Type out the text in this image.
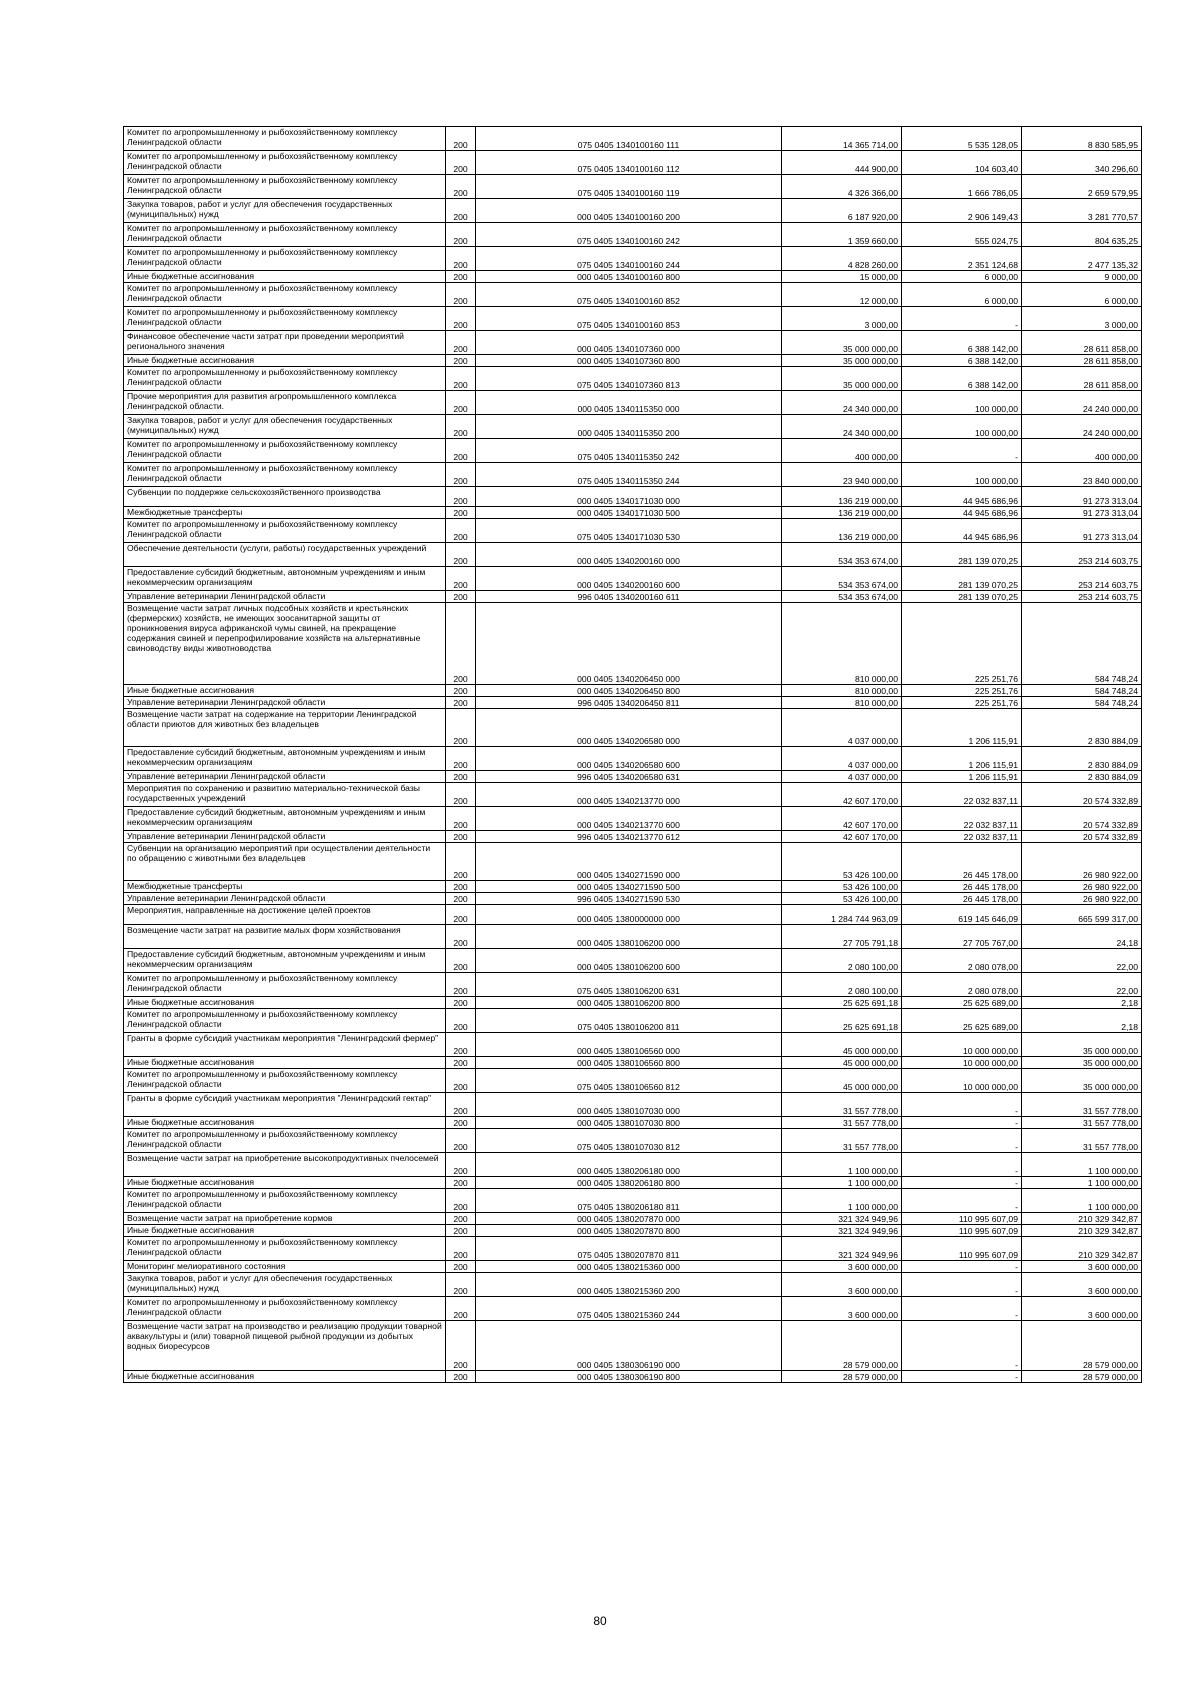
Комитет по агропромышленному и рыбохозяйственному комплексу Ленинградской области	200	075 0405 1340100160 111	14 365 714,00	5 535 128,05	8 830 585,95
Комитет по агропромышленному и рыбохозяйственному комплексу Ленинградской области	200	075 0405 1340100160 112	444 900,00	104 603,40	340 296,60
Комитет по агропромышленному и рыбохозяйственному комплексу Ленинградской области	200	075 0405 1340100160 119	4 326 366,00	1 666 786,05	2 659 579,95
Закупка товаров, работ и услуг для обеспечения государственных (муниципальных) нужд	200	000 0405 1340100160 200	6 187 920,00	2 906 149,43	3 281 770,57
Комитет по агропромышленному и рыбохозяйственному комплексу Ленинградской области	200	075 0405 1340100160 242	1 359 660,00	555 024,75	804 635,25
Комитет по агропромышленному и рыбохозяйственному комплексу Ленинградской области	200	075 0405 1340100160 244	4 828 260,00	2 351 124,68	2 477 135,32
Иные бюджетные ассигнования	200	000 0405 1340100160 800	15 000,00	6 000,00	9 000,00
Комитет по агропромышленному и рыбохозяйственному комплексу Ленинградской области	200	075 0405 1340100160 852	12 000,00	6 000,00	6 000,00
Комитет по агропромышленному и рыбохозяйственному комплексу Ленинградской области	200	075 0405 1340100160 853	3 000,00	-	3 000,00
Финансовое обеспечение части затрат при проведении мероприятий регионального значения	200	000 0405 1340107360 000	35 000 000,00	6 388 142,00	28 611 858,00
Иные бюджетные ассигнования	200	000 0405 1340107360 800	35 000 000,00	6 388 142,00	28 611 858,00
Комитет по агропромышленному и рыбохозяйственному комплексу Ленинградской области	200	075 0405 1340107360 813	35 000 000,00	6 388 142,00	28 611 858,00
Прочие мероприятия для развития агропромышленного комплекса Ленинградской области.	200	000 0405 1340115350 000	24 340 000,00	100 000,00	24 240 000,00
Закупка товаров, работ и услуг для обеспечения государственных (муниципальных) нужд	200	000 0405 1340115350 200	24 340 000,00	100 000,00	24 240 000,00
Комитет по агропромышленному и рыбохозяйственному комплексу Ленинградской области	200	075 0405 1340115350 242	400 000,00	-	400 000,00
Комитет по агропромышленному и рыбохозяйственному комплексу Ленинградской области	200	075 0405 1340115350 244	23 940 000,00	100 000,00	23 840 000,00
Субвенции по поддержке сельскохозяйственного производства	200	000 0405 1340171030 000	136 219 000,00	44 945 686,96	91 273 313,04
Межбюджетные трансферты	200	000 0405 1340171030 500	136 219 000,00	44 945 686,96	91 273 313,04
Комитет по агропромышленному и рыбохозяйственному комплексу Ленинградской области	200	075 0405 1340171030 530	136 219 000,00	44 945 686,96	91 273 313,04
Обеспечение деятельности (услуги, работы) государственных учреждений	200	000 0405 1340200160 000	534 353 674,00	281 139 070,25	253 214 603,75
Предоставление субсидий бюджетным, автономным учреждениям и иным некоммерческим организациям	200	000 0405 1340200160 600	534 353 674,00	281 139 070,25	253 214 603,75
Управление ветеринарии Ленинградской области	200	996 0405 1340200160 611	534 353 674,00	281 139 070,25	253 214 603,75
Возмещение части затрат личных подсобных хозяйств и крестьянских (фермерских) хозяйств, не имеющих зоосанитарной защиты от проникновения вируса африканской чумы свиней, на прекращение содержания свиней и перепрофилирование хозяйств на альтернативные свиноводству виды животноводства	200	000 0405 1340206450 000	810 000,00	225 251,76	584 748,24
Иные бюджетные ассигнования	200	000 0405 1340206450 800	810 000,00	225 251,76	584 748,24
Управление ветеринарии Ленинградской области	200	996 0405 1340206450 811	810 000,00	225 251,76	584 748,24
Возмещение части затрат на содержание на территории Ленинградской области приютов для животных без владельцев	200	000 0405 1340206580 000	4 037 000,00	1 206 115,91	2 830 884,09
Предоставление субсидий бюджетным, автономным учреждениям и иным некоммерческим организациям	200	000 0405 1340206580 600	4 037 000,00	1 206 115,91	2 830 884,09
Управление ветеринарии Ленинградской области	200	996 0405 1340206580 631	4 037 000,00	1 206 115,91	2 830 884,09
Мероприятия по сохранению и развитию материально-технической базы государственных учреждений	200	000 0405 1340213770 000	42 607 170,00	22 032 837,11	20 574 332,89
Предоставление субсидий бюджетным, автономным учреждениям и иным некоммерческим организациям	200	000 0405 1340213770 600	42 607 170,00	22 032 837,11	20 574 332,89
Управление ветеринарии Ленинградской области	200	996 0405 1340213770 612	42 607 170,00	22 032 837,11	20 574 332,89
Субвенции на организацию мероприятий при осуществлении деятельности по обращению с животными без владельцев	200	000 0405 1340271590 000	53 426 100,00	26 445 178,00	26 980 922,00
Межбюджетные трансферты	200	000 0405 1340271590 500	53 426 100,00	26 445 178,00	26 980 922,00
Управление ветеринарии Ленинградской области	200	996 0405 1340271590 530	53 426 100,00	26 445 178,00	26 980 922,00
Мероприятия, направленные на достижение целей проектов	200	000 0405 1380000000 000	1 284 744 963,09	619 145 646,09	665 599 317,00
Возмещение части затрат на развитие малых форм хозяйствования	200	000 0405 1380106200 000	27 705 791,18	27 705 767,00	24,18
Предоставление субсидий бюджетным, автономным учреждениям и иным некоммерческим организациям	200	000 0405 1380106200 600	2 080 100,00	2 080 078,00	22,00
Комитет по агропромышленному и рыбохозяйственному комплексу Ленинградской области	200	075 0405 1380106200 631	2 080 100,00	2 080 078,00	22,00
Иные бюджетные ассигнования	200	000 0405 1380106200 800	25 625 691,18	25 625 689,00	2,18
Комитет по агропромышленному и рыбохозяйственному комплексу Ленинградской области	200	075 0405 1380106200 811	25 625 691,18	25 625 689,00	2,18
Гранты в форме субсидий участникам мероприятия "Ленинградский фермер"	200	000 0405 1380106560 000	45 000 000,00	10 000 000,00	35 000 000,00
Иные бюджетные ассигнования	200	000 0405 1380106560 800	45 000 000,00	10 000 000,00	35 000 000,00
Комитет по агропромышленному и рыбохозяйственному комплексу Ленинградской области	200	075 0405 1380106560 812	45 000 000,00	10 000 000,00	35 000 000,00
Гранты в форме субсидий участникам мероприятия "Ленинградский гектар"	200	000 0405 1380107030 000	31 557 778,00	-	31 557 778,00
Иные бюджетные ассигнования	200	000 0405 1380107030 800	31 557 778,00	-	31 557 778,00
Комитет по агропромышленному и рыбохозяйственному комплексу Ленинградской области	200	075 0405 1380107030 812	31 557 778,00	-	31 557 778,00
Возмещение части затрат на приобретение высокопродуктивных пчелосемей	200	000 0405 1380206180 000	1 100 000,00	-	1 100 000,00
Иные бюджетные ассигнования	200	000 0405 1380206180 800	1 100 000,00	-	1 100 000,00
Комитет по агропромышленному и рыбохозяйственному комплексу Ленинградской области	200	075 0405 1380206180 811	1 100 000,00	-	1 100 000,00
Возмещение части затрат на приобретение кормов	200	000 0405 1380207870 000	321 324 949,96	110 995 607,09	210 329 342,87
Иные бюджетные ассигнования	200	000 0405 1380207870 800	321 324 949,96	110 995 607,09	210 329 342,87
Комитет по агропромышленному и рыбохозяйственному комплексу Ленинградской области	200	075 0405 1380207870 811	321 324 949,96	110 995 607,09	210 329 342,87
Мониторинг мелиоративного состояния	200	000 0405 1380215360 000	3 600 000,00	-	3 600 000,00
Закупка товаров, работ и услуг для обеспечения государственных (муниципальных) нужд	200	000 0405 1380215360 200	3 600 000,00	-	3 600 000,00
Комитет по агропромышленному и рыбохозяйственному комплексу Ленинградской области	200	075 0405 1380215360 244	3 600 000,00	-	3 600 000,00
Возмещение части затрат на производство и реализацию продукции товарной аквакультуры и (или) товарной пищевой рыбной продукции из добытых водных биоресурсов	200	000 0405 1380306190 000	28 579 000,00	-	28 579 000,00
Иные бюджетные ассигнования	200	000 0405 1380306190 800	28 579 000,00	-	28 579 000,00
80
